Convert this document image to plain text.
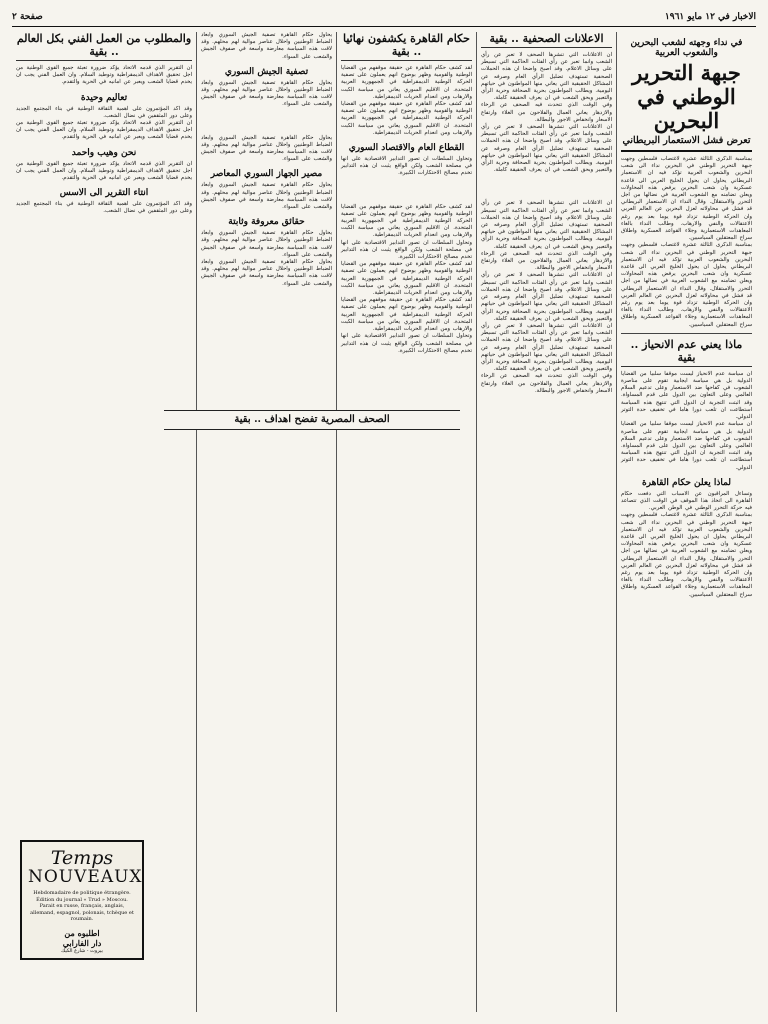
الاخبار في ١٢ مايو ١٩٦١
صفحة ٢
في نداء وجهته لشعب البحرين والشعوب العربية
جبهة التحرير الوطني في البحرين
تعرض فشل الاستعمار البريطاني
بمناسبة الذكرى الثالثة عشرة لاغتصاب فلسطين وجهت جبهة التحرير الوطني في البحرين نداء الى شعب البحرين والشعوب العربية تؤكد فيه ان الاستعمار البريطاني يحاول ان يحول الخليج العربي الى قاعدة عسكرية وان شعب البحرين يرفض هذه المحاولات ويعلن تضامنه مع الشعوب العربية في نضالها من اجل التحرر والاستقلال. وقال النداء ان الاستعمار البريطاني قد فشل في محاولاته لعزل البحرين عن العالم العربي وان الحركة الوطنية تزداد قوة يوما بعد يوم رغم الاعتقالات والنفي والارهاب. وطالب النداء بالغاء المعاهدات الاستعمارية وجلاء القواعد العسكرية واطلاق سراح المعتقلين السياسيين.
بمناسبة الذكرى الثالثة عشرة لاغتصاب فلسطين وجهت جبهة التحرير الوطني في البحرين نداء الى شعب البحرين والشعوب العربية تؤكد فيه ان الاستعمار البريطاني يحاول ان يحول الخليج العربي الى قاعدة عسكرية وان شعب البحرين يرفض هذه المحاولات ويعلن تضامنه مع الشعوب العربية في نضالها من اجل التحرر والاستقلال. وقال النداء ان الاستعمار البريطاني قد فشل في محاولاته لعزل البحرين عن العالم العربي وان الحركة الوطنية تزداد قوة يوما بعد يوم رغم الاعتقالات والنفي والارهاب. وطالب النداء بالغاء المعاهدات الاستعمارية وجلاء القواعد العسكرية واطلاق سراح المعتقلين السياسيين.
ماذا يعني عدم الانحياز .. بقية
ان سياسة عدم الانحياز ليست موقفا سلبيا من القضايا الدولية بل هي سياسة ايجابية تقوم على مناصرة الشعوب في كفاحها ضد الاستعمار وعلى تدعيم السلام العالمي وعلى التعاون بين الدول على قدم المساواة. وقد اثبتت التجربة ان الدول التي تنتهج هذه السياسة استطاعت ان تلعب دورا هاما في تخفيف حدة التوتر الدولي.
ان سياسة عدم الانحياز ليست موقفا سلبيا من القضايا الدولية بل هي سياسة ايجابية تقوم على مناصرة الشعوب في كفاحها ضد الاستعمار وعلى تدعيم السلام العالمي وعلى التعاون بين الدول على قدم المساواة. وقد اثبتت التجربة ان الدول التي تنتهج هذه السياسة استطاعت ان تلعب دورا هاما في تخفيف حدة التوتر الدولي.
لماذا يعلن حكام القاهرة
وتساءل المراقبون عن الاسباب التي دفعت حكام القاهرة الى اتخاذ هذا الموقف في الوقت الذي تتصاعد فيه حركة التحرر الوطني في الوطن العربي.
بمناسبة الذكرى الثالثة عشرة لاغتصاب فلسطين وجهت جبهة التحرير الوطني في البحرين نداء الى شعب البحرين والشعوب العربية تؤكد فيه ان الاستعمار البريطاني يحاول ان يحول الخليج العربي الى قاعدة عسكرية وان شعب البحرين يرفض هذه المحاولات ويعلن تضامنه مع الشعوب العربية في نضالها من اجل التحرر والاستقلال. وقال النداء ان الاستعمار البريطاني قد فشل في محاولاته لعزل البحرين عن العالم العربي وان الحركة الوطنية تزداد قوة يوما بعد يوم رغم الاعتقالات والنفي والارهاب. وطالب النداء بالغاء المعاهدات الاستعمارية وجلاء القواعد العسكرية واطلاق سراح المعتقلين السياسيين.
الاعلانات الصحفية .. بقية
ان الاعلانات التي تنشرها الصحف لا تعبر عن رأي الشعب وانما تعبر عن رأي الفئات الحاكمة التي تسيطر على وسائل الاعلام. وقد اصبح واضحا ان هذه الحملات الصحفية تستهدف تضليل الرأي العام وصرفه عن المشاكل الحقيقية التي يعاني منها المواطنون في حياتهم اليومية. ويطالب المواطنون بحرية الصحافة وحرية الرأي والتعبير وبحق الشعب في ان يعرف الحقيقة كاملة.
وفي الوقت الذي تتحدث فيه الصحف عن الرخاء والازدهار يعاني العمال والفلاحون من الغلاء وارتفاع الاسعار وانخفاض الاجور والبطالة.
ان الاعلانات التي تنشرها الصحف لا تعبر عن رأي الشعب وانما تعبر عن رأي الفئات الحاكمة التي تسيطر على وسائل الاعلام. وقد اصبح واضحا ان هذه الحملات الصحفية تستهدف تضليل الرأي العام وصرفه عن المشاكل الحقيقية التي يعاني منها المواطنون في حياتهم اليومية. ويطالب المواطنون بحرية الصحافة وحرية الرأي والتعبير وبحق الشعب في ان يعرف الحقيقة كاملة.
ان الاعلانات التي تنشرها الصحف لا تعبر عن رأي الشعب وانما تعبر عن رأي الفئات الحاكمة التي تسيطر على وسائل الاعلام. وقد اصبح واضحا ان هذه الحملات الصحفية تستهدف تضليل الرأي العام وصرفه عن المشاكل الحقيقية التي يعاني منها المواطنون في حياتهم اليومية. ويطالب المواطنون بحرية الصحافة وحرية الرأي والتعبير وبحق الشعب في ان يعرف الحقيقة كاملة.
وفي الوقت الذي تتحدث فيه الصحف عن الرخاء والازدهار يعاني العمال والفلاحون من الغلاء وارتفاع الاسعار وانخفاض الاجور والبطالة.
ان الاعلانات التي تنشرها الصحف لا تعبر عن رأي الشعب وانما تعبر عن رأي الفئات الحاكمة التي تسيطر على وسائل الاعلام. وقد اصبح واضحا ان هذه الحملات الصحفية تستهدف تضليل الرأي العام وصرفه عن المشاكل الحقيقية التي يعاني منها المواطنون في حياتهم اليومية. ويطالب المواطنون بحرية الصحافة وحرية الرأي والتعبير وبحق الشعب في ان يعرف الحقيقة كاملة.
ان الاعلانات التي تنشرها الصحف لا تعبر عن رأي الشعب وانما تعبر عن رأي الفئات الحاكمة التي تسيطر على وسائل الاعلام. وقد اصبح واضحا ان هذه الحملات الصحفية تستهدف تضليل الرأي العام وصرفه عن المشاكل الحقيقية التي يعاني منها المواطنون في حياتهم اليومية. ويطالب المواطنون بحرية الصحافة وحرية الرأي والتعبير وبحق الشعب في ان يعرف الحقيقة كاملة.
وفي الوقت الذي تتحدث فيه الصحف عن الرخاء والازدهار يعاني العمال والفلاحون من الغلاء وارتفاع الاسعار وانخفاض الاجور والبطالة.
حكام القاهرة يكشفون نهائيا .. بقية
لقد كشف حكام القاهرة عن حقيقة موقفهم من القضايا الوطنية والقومية وظهر بوضوح انهم يعملون على تصفية الحركة الوطنية الديمقراطية في الجمهورية العربية المتحدة. ان الاقليم السوري يعاني من سياسة الكبت والارهاب ومن انعدام الحريات الديمقراطية.
لقد كشف حكام القاهرة عن حقيقة موقفهم من القضايا الوطنية والقومية وظهر بوضوح انهم يعملون على تصفية الحركة الوطنية الديمقراطية في الجمهورية العربية المتحدة. ان الاقليم السوري يعاني من سياسة الكبت والارهاب ومن انعدام الحريات الديمقراطية.
القطاع العام والاقتصاد السوري
وتحاول السلطات ان تصور التدابير الاقتصادية على انها في مصلحة الشعب ولكن الواقع يثبت ان هذه التدابير تخدم مصالح الاحتكارات الكبيرة.
لقد كشف حكام القاهرة عن حقيقة موقفهم من القضايا الوطنية والقومية وظهر بوضوح انهم يعملون على تصفية الحركة الوطنية الديمقراطية في الجمهورية العربية المتحدة. ان الاقليم السوري يعاني من سياسة الكبت والارهاب ومن انعدام الحريات الديمقراطية.
وتحاول السلطات ان تصور التدابير الاقتصادية على انها في مصلحة الشعب ولكن الواقع يثبت ان هذه التدابير تخدم مصالح الاحتكارات الكبيرة.
لقد كشف حكام القاهرة عن حقيقة موقفهم من القضايا الوطنية والقومية وظهر بوضوح انهم يعملون على تصفية الحركة الوطنية الديمقراطية في الجمهورية العربية المتحدة. ان الاقليم السوري يعاني من سياسة الكبت والارهاب ومن انعدام الحريات الديمقراطية.
لقد كشف حكام القاهرة عن حقيقة موقفهم من القضايا الوطنية والقومية وظهر بوضوح انهم يعملون على تصفية الحركة الوطنية الديمقراطية في الجمهورية العربية المتحدة. ان الاقليم السوري يعاني من سياسة الكبت والارهاب ومن انعدام الحريات الديمقراطية.
وتحاول السلطات ان تصور التدابير الاقتصادية على انها في مصلحة الشعب ولكن الواقع يثبت ان هذه التدابير تخدم مصالح الاحتكارات الكبيرة.
يحاول حكام القاهرة تصفية الجيش السوري وابعاد الضباط الوطنيين واحلال عناصر موالية لهم محلهم. وقد لاقت هذه السياسة معارضة واسعة في صفوف الجيش والشعب على السواء.
تصفية الجيش السوري
يحاول حكام القاهرة تصفية الجيش السوري وابعاد الضباط الوطنيين واحلال عناصر موالية لهم محلهم. وقد لاقت هذه السياسة معارضة واسعة في صفوف الجيش والشعب على السواء.
يحاول حكام القاهرة تصفية الجيش السوري وابعاد الضباط الوطنيين واحلال عناصر موالية لهم محلهم. وقد لاقت هذه السياسة معارضة واسعة في صفوف الجيش والشعب على السواء.
مصير الجهاز السوري المعاصر
يحاول حكام القاهرة تصفية الجيش السوري وابعاد الضباط الوطنيين واحلال عناصر موالية لهم محلهم. وقد لاقت هذه السياسة معارضة واسعة في صفوف الجيش والشعب على السواء.
حقائق معروفة وثابتة
يحاول حكام القاهرة تصفية الجيش السوري وابعاد الضباط الوطنيين واحلال عناصر موالية لهم محلهم. وقد لاقت هذه السياسة معارضة واسعة في صفوف الجيش والشعب على السواء.
يحاول حكام القاهرة تصفية الجيش السوري وابعاد الضباط الوطنيين واحلال عناصر موالية لهم محلهم. وقد لاقت هذه السياسة معارضة واسعة في صفوف الجيش والشعب على السواء.
والمطلوب من العمل الفني بكل العالم .. بقية
ان التقرير الذي قدمه الاتحاد يؤكد ضرورة تعبئة جميع القوى الوطنية من اجل تحقيق الاهداف الديمقراطية وتوطيد السلام. وان العمل الفني يجب ان يخدم قضايا الشعب ويعبر عن امانيه في الحرية والتقدم.
تعاليم وحيدة
وقد اكد المؤتمرون على اهمية الثقافة الوطنية في بناء المجتمع الجديد وعلى دور المثقفين في نضال الشعب.
ان التقرير الذي قدمه الاتحاد يؤكد ضرورة تعبئة جميع القوى الوطنية من اجل تحقيق الاهداف الديمقراطية وتوطيد السلام. وان العمل الفني يجب ان يخدم قضايا الشعب ويعبر عن امانيه في الحرية والتقدم.
نحن وهيب واحمد
ان التقرير الذي قدمه الاتحاد يؤكد ضرورة تعبئة جميع القوى الوطنية من اجل تحقيق الاهداف الديمقراطية وتوطيد السلام. وان العمل الفني يجب ان يخدم قضايا الشعب ويعبر عن امانيه في الحرية والتقدم.
انتاء التقرير الى الاسس
وقد اكد المؤتمرون على اهمية الثقافة الوطنية في بناء المجتمع الجديد وعلى دور المثقفين في نضال الشعب.
Temps
NOUVEAUX
Hebdomadaire de politique étrangère. Édition du journal « Trud » Moscou. Parait en russe, français, anglais, allemand, espagnol, polonais, tchèque et roumain.
اطلبوه من
دار الفارابي
بيروت - شارع الكيك
الصحف المصرية تفضح اهداف .. بقية
